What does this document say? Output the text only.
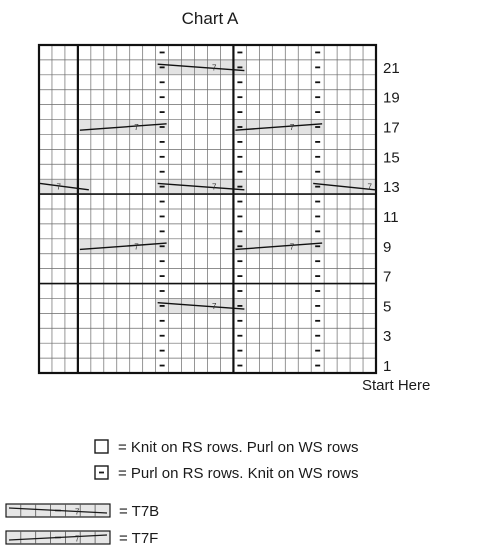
Chart A
7
7	7
7	7	7
7	7
7
21
19
17
15
13
11
9
7
5
3
1
Start Here
= Knit on RS rows. Purl on WS rows
= Purl on RS rows. Knit on WS rows
7	= T7B
7	= T7F
